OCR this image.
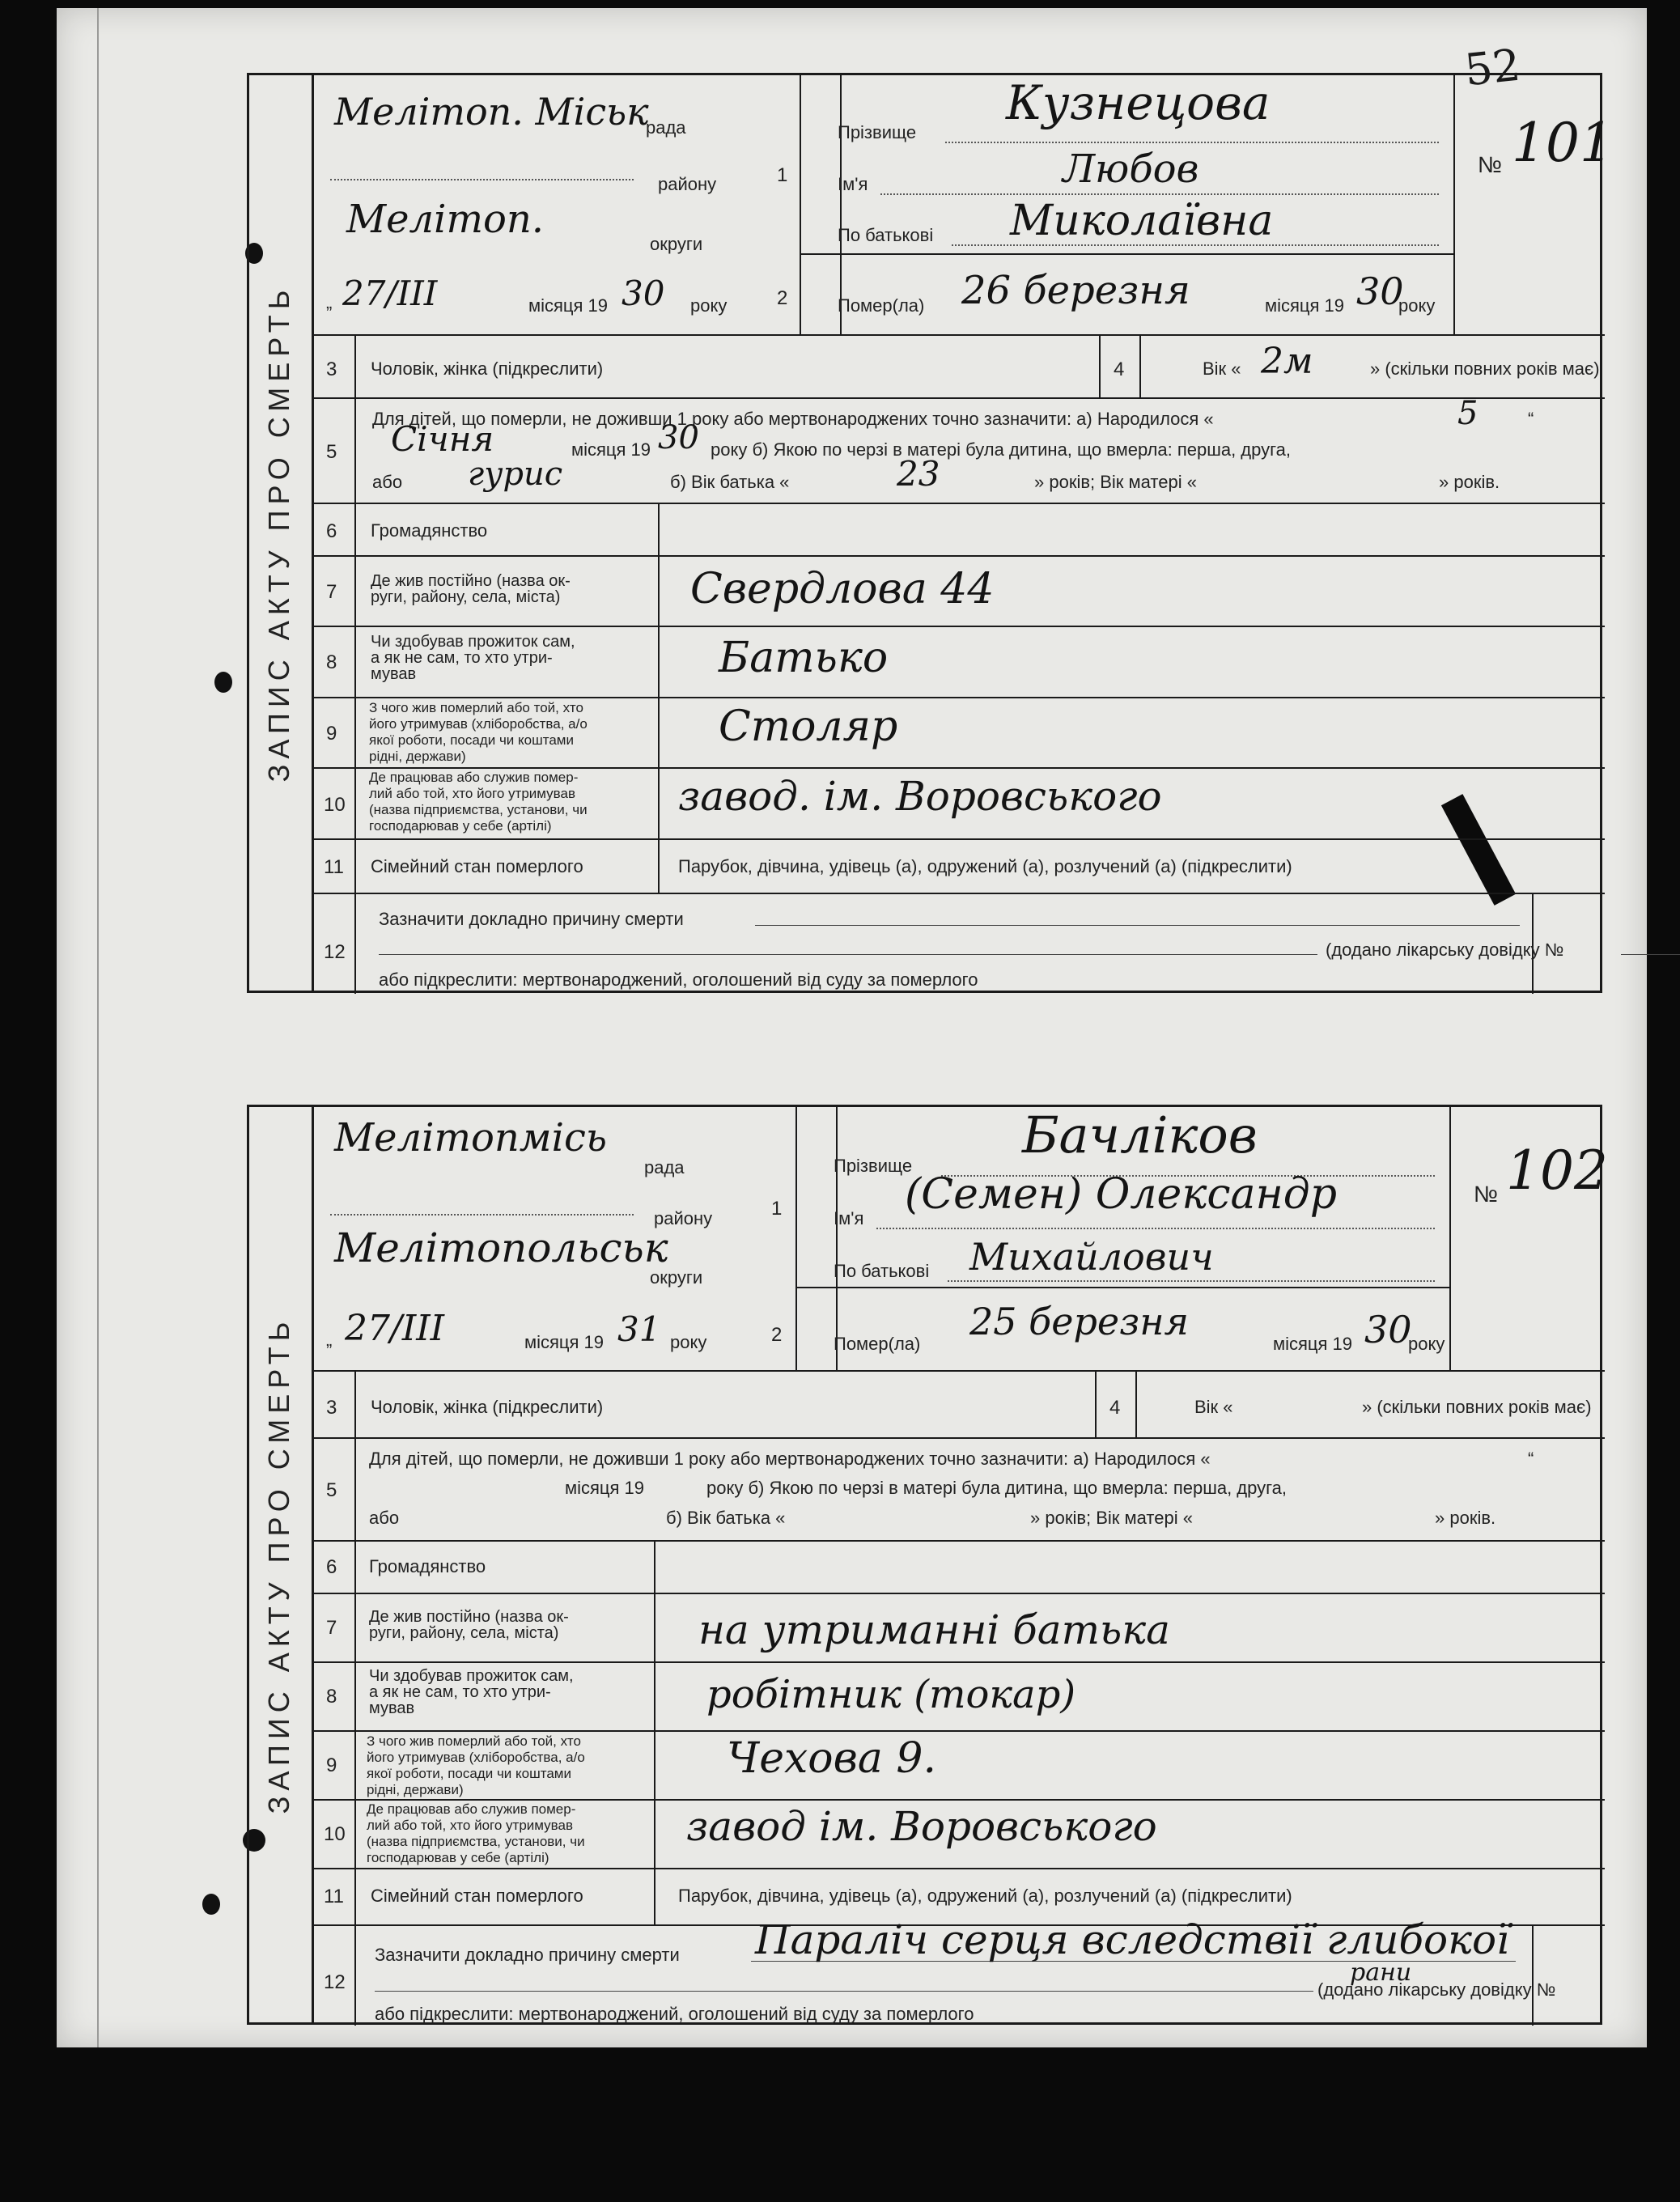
52
ЗАПИС АКТУ ПРО СМЕРТЬ
Мелітоп. Міськ
рада
району
Мелітоп.
округи
„ 27/III	місяця 19 30 року
1
2
Прізвище
Кузнецова
Ім'я	Любов
По батькові Миколаївна
Помер(ла) 26 березня	місяця 19 30
року
№ 101
3 Чоловік, жінка (підкреслити)	4	Вік « 2м	» (скільки повних років має)
5
Для дітей, що померли, не доживши 1 року або мертвонароджених точно зазначити: а) Народилося «	5	“
Січня	місяця 19 30 року б) Якою по черзі в матері була дитина, що вмерла: перша, друга,
або гурис	б) Вік батька «	23	» років; Вік матері «	» років.
6 Громадянство
7 Де жив постійно (назва ок-
руги, району, села, міста)	Свердлова 44
8
Чи здобував прожиток сам,
а як не сам, то хто утри-
мував	Батько
9
З чого жив померлий або той, хто
його утримував (хліборобства, а/о
якої роботи, посади чи коштами
рідні, держави)
Столяр
10
Де працював або служив помер-
лий або той, хто його утримував
(назва підприємства, установи, чи
господарював у себе (артілі)
завод. ім. Воровського
11 Сімейний стан померлого	Парубок, дівчина, удівець (а), одружений (а), розлучений (а) (підкреслити)
12
Зазначити докладно причину смерти
(додано лікарську довідку №
або підкреслити: мертвонароджений, оголошений від суду за померлого
ЗАПИС АКТУ ПРО СМЕРТЬ
Мелітопмісь
рада
району
Мелітопольськ
округи
„ 27/III	місяця 19 31 року
1
2
Прізвище
Бачліков
Ім'я (Семен) Олександр
По батькові Михайлович
Помер(ла)
25 березня
місяця 19 30
року
№ 102
3 Чоловік, жінка (підкреслити)	4	Вік «	» (скільки повних років має)
5
Для дітей, що померли, не доживши 1 року або мертвонароджених точно зазначити: а) Народилося «	“
місяця 19	року б) Якою по черзі в матері була дитина, що вмерла: перша, друга,
або	б) Вік батька «	» років; Вік матері «	» років.
6 Громадянство
7 Де жив постійно (назва ок-
руги, району, села, міста)	на утриманні батька
8
Чи здобував прожиток сам,
а як не сам, то хто утри-
мував	робітник (токар)
9
З чого жив померлий або той, хто
його утримував (хліборобства, а/о
якої роботи, посади чи коштами
рідні, держави)
Чехова 9.
10
Де працював або служив помер-
лий або той, хто його утримував
(назва підприємства, установи, чи
господарював у себе (артілі)
завод ім. Воровського
11 Сімейний стан померлого	Парубок, дівчина, удівець (а), одружений (а), розлучений (а) (підкреслити)
12
Зазначити докладно причину смерти Параліч серця вследствії глибокої
рани
(додано лікарську довідку №
або підкреслити: мертвонароджений, оголошений від суду за померлого
